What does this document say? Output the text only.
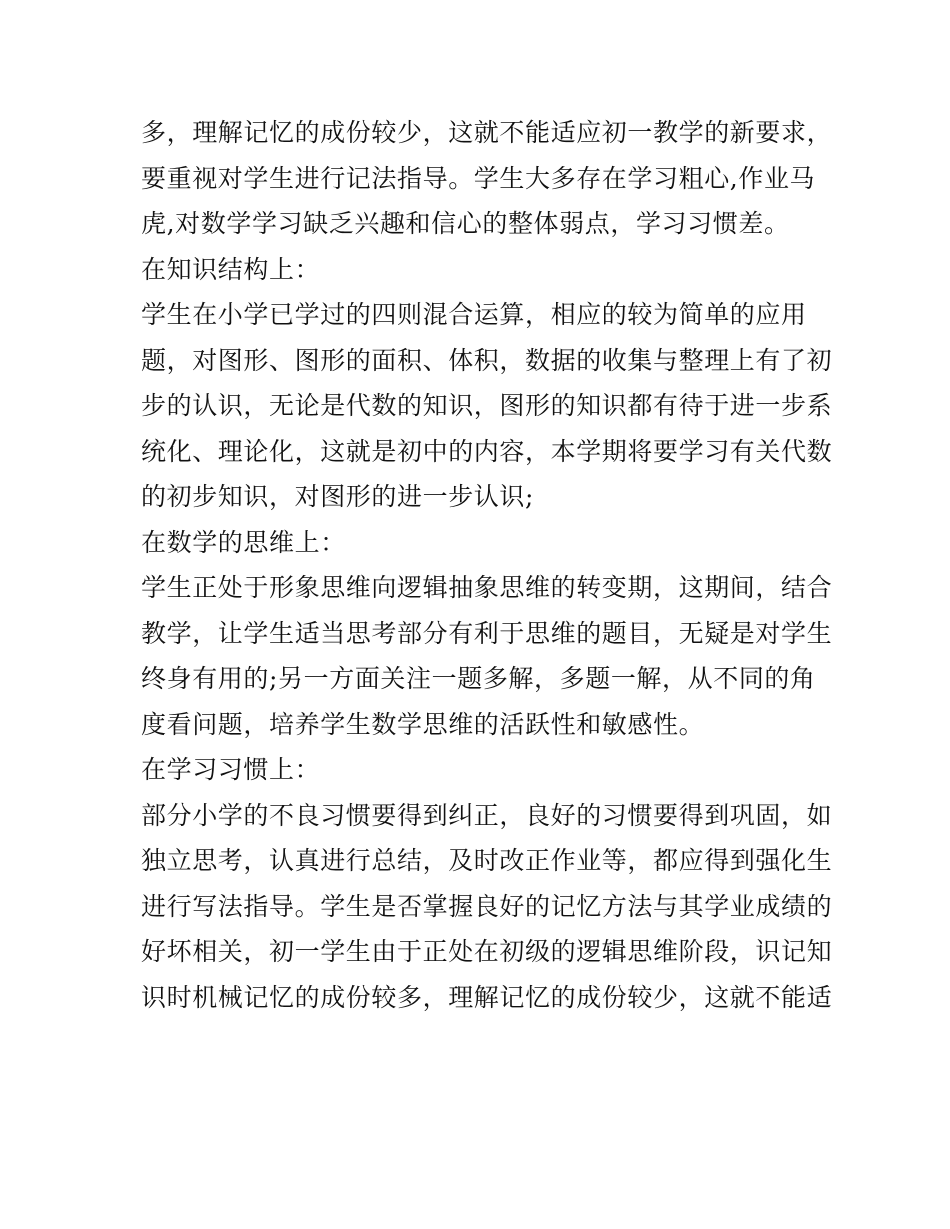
多，理解记忆的成份较少，这就不能适应初一教学的新要求，
要重视对学生进行记法指导。学生大多存在学习粗心,作业马
虎,对数学学习缺乏兴趣和信心的整体弱点，学习习惯差。
在知识结构上：
学生在小学已学过的四则混合运算，相应的较为简单的应用
题，对图形、图形的面积、体积，数据的收集与整理上有了初
步的认识，无论是代数的知识，图形的知识都有待于进一步系
统化、理论化，这就是初中的内容，本学期将要学习有关代数
的初步知识，对图形的进一步认识;
在数学的思维上：
学生正处于形象思维向逻辑抽象思维的转变期，这期间，结合
教学，让学生适当思考部分有利于思维的题目，无疑是对学生
终身有用的;另一方面关注一题多解，多题一解，从不同的角
度看问题，培养学生数学思维的活跃性和敏感性。
在学习习惯上：
部分小学的不良习惯要得到纠正，良好的习惯要得到巩固，如
独立思考，认真进行总结，及时改正作业等，都应得到强化生
进行写法指导。学生是否掌握良好的记忆方法与其学业成绩的
好坏相关，初一学生由于正处在初级的逻辑思维阶段，识记知
识时机械记忆的成份较多，理解记忆的成份较少，这就不能适
